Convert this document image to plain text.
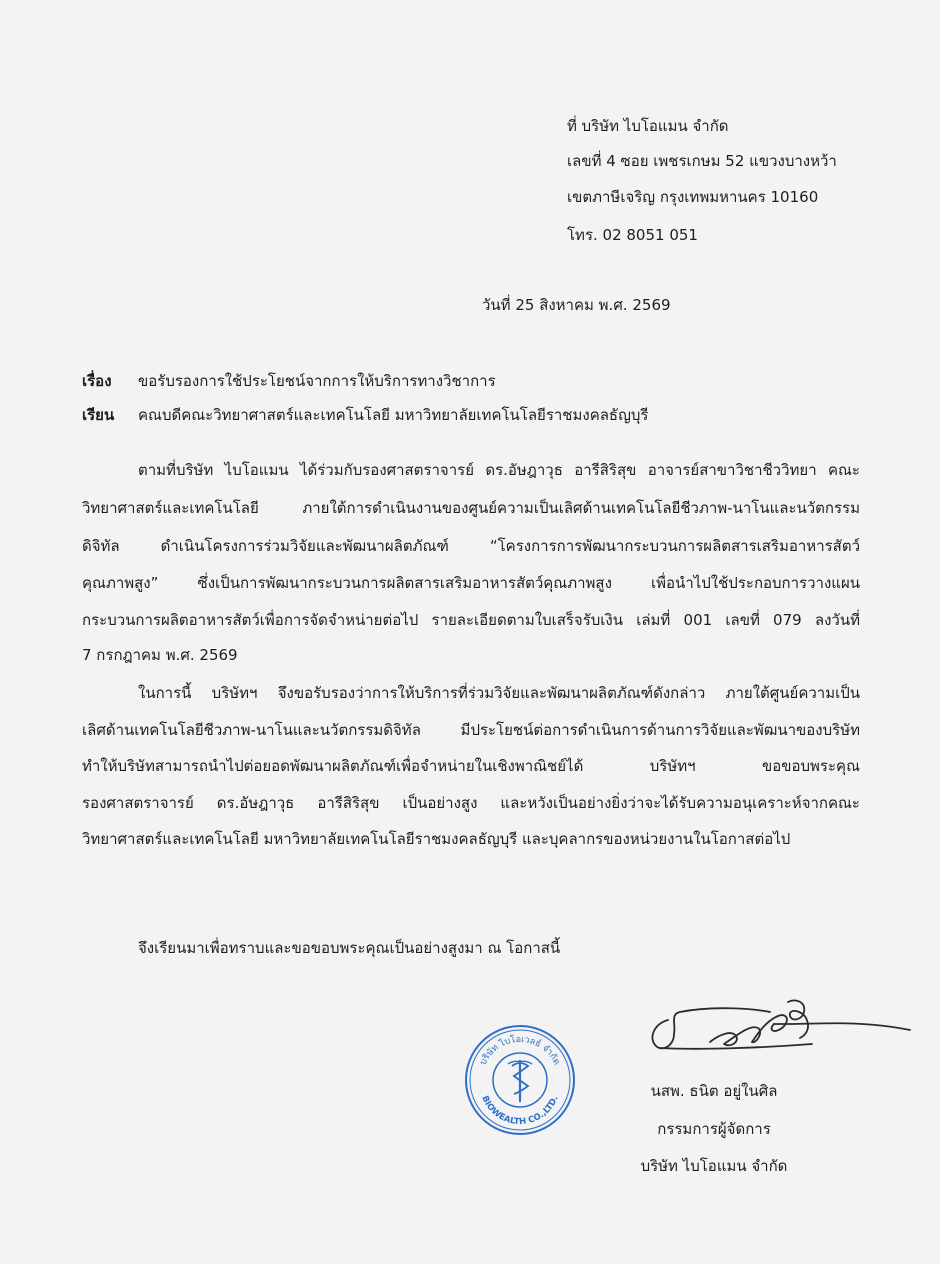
ที่ บริษัท ไบโอแมน จำกัด
เลขที่ 4 ซอย เพชรเกษม 52 แขวงบางหว้า
เขตภาษีเจริญ กรุงเทพมหานคร 10160
โทร. 02 8051 051
วันที่ 25 สิงหาคม พ.ศ. 2569
เรื่อง ขอรับรองการใช้ประโยชน์จากการให้บริการทางวิชาการ
เรียน คณบดีคณะวิทยาศาสตร์และเทคโนโลยี มหาวิทยาลัยเทคโนโลยีราชมงคลธัญบุรี
ตามที่บริษัท ไบโอแมน ได้ร่วมกับรองศาสตราจารย์ ดร.อัษฎาวุธ อารีสิริสุข อาจารย์สาขาวิชาชีววิทยา คณะ
วิทยาศาสตร์และเทคโนโลยี ภายใต้การดำเนินงานของศูนย์ความเป็นเลิศด้านเทคโนโลยีชีวภาพ-นาโนและนวัตกรรม
ดิจิทัล ดำเนินโครงการร่วมวิจัยและพัฒนาผลิตภัณฑ์ “โครงการการพัฒนากระบวนการผลิตสารเสริมอาหารสัตว์
คุณภาพสูง” ซึ่งเป็นการพัฒนากระบวนการผลิตสารเสริมอาหารสัตว์คุณภาพสูง เพื่อนำไปใช้ประกอบการวางแผน
กระบวนการผลิตอาหารสัตว์เพื่อการจัดจำหน่ายต่อไป รายละเอียดตามใบเสร็จรับเงิน เล่มที่ 001 เลขที่ 079 ลงวันที่
7 กรกฎาคม พ.ศ. 2569
ในการนี้ บริษัทฯ จึงขอรับรองว่าการให้บริการที่ร่วมวิจัยและพัฒนาผลิตภัณฑ์ดังกล่าว ภายใต้ศูนย์ความเป็น
เลิศด้านเทคโนโลยีชีวภาพ-นาโนและนวัตกรรมดิจิทัล มีประโยชน์ต่อการดำเนินการด้านการวิจัยและพัฒนาของบริษัท
ทำให้บริษัทสามารถนำไปต่อยอดพัฒนาผลิตภัณฑ์เพื่อจำหน่ายในเชิงพาณิชย์ได้ บริษัทฯ ขอขอบพระคุณ
รองศาสตราจารย์ ดร.อัษฎาวุธ อารีสิริสุข เป็นอย่างสูง และหวังเป็นอย่างยิ่งว่าจะได้รับความอนุเคราะห์จากคณะ
วิทยาศาสตร์และเทคโนโลยี มหาวิทยาลัยเทคโนโลยีราชมงคลธัญบุรี และบุคลากรของหน่วยงานในโอกาสต่อไป
จึงเรียนมาเพื่อทราบและขอขอบพระคุณเป็นอย่างสูงมา ณ โอกาสนี้
บริษัท ไบโอเวลธ์ จำกัด
BIOWEALTH CO.,LTD.	นสพ. ธนิต อยู่ในศิล
กรรมการผู้จัดการ
บริษัท ไบโอแมน จำกัด
